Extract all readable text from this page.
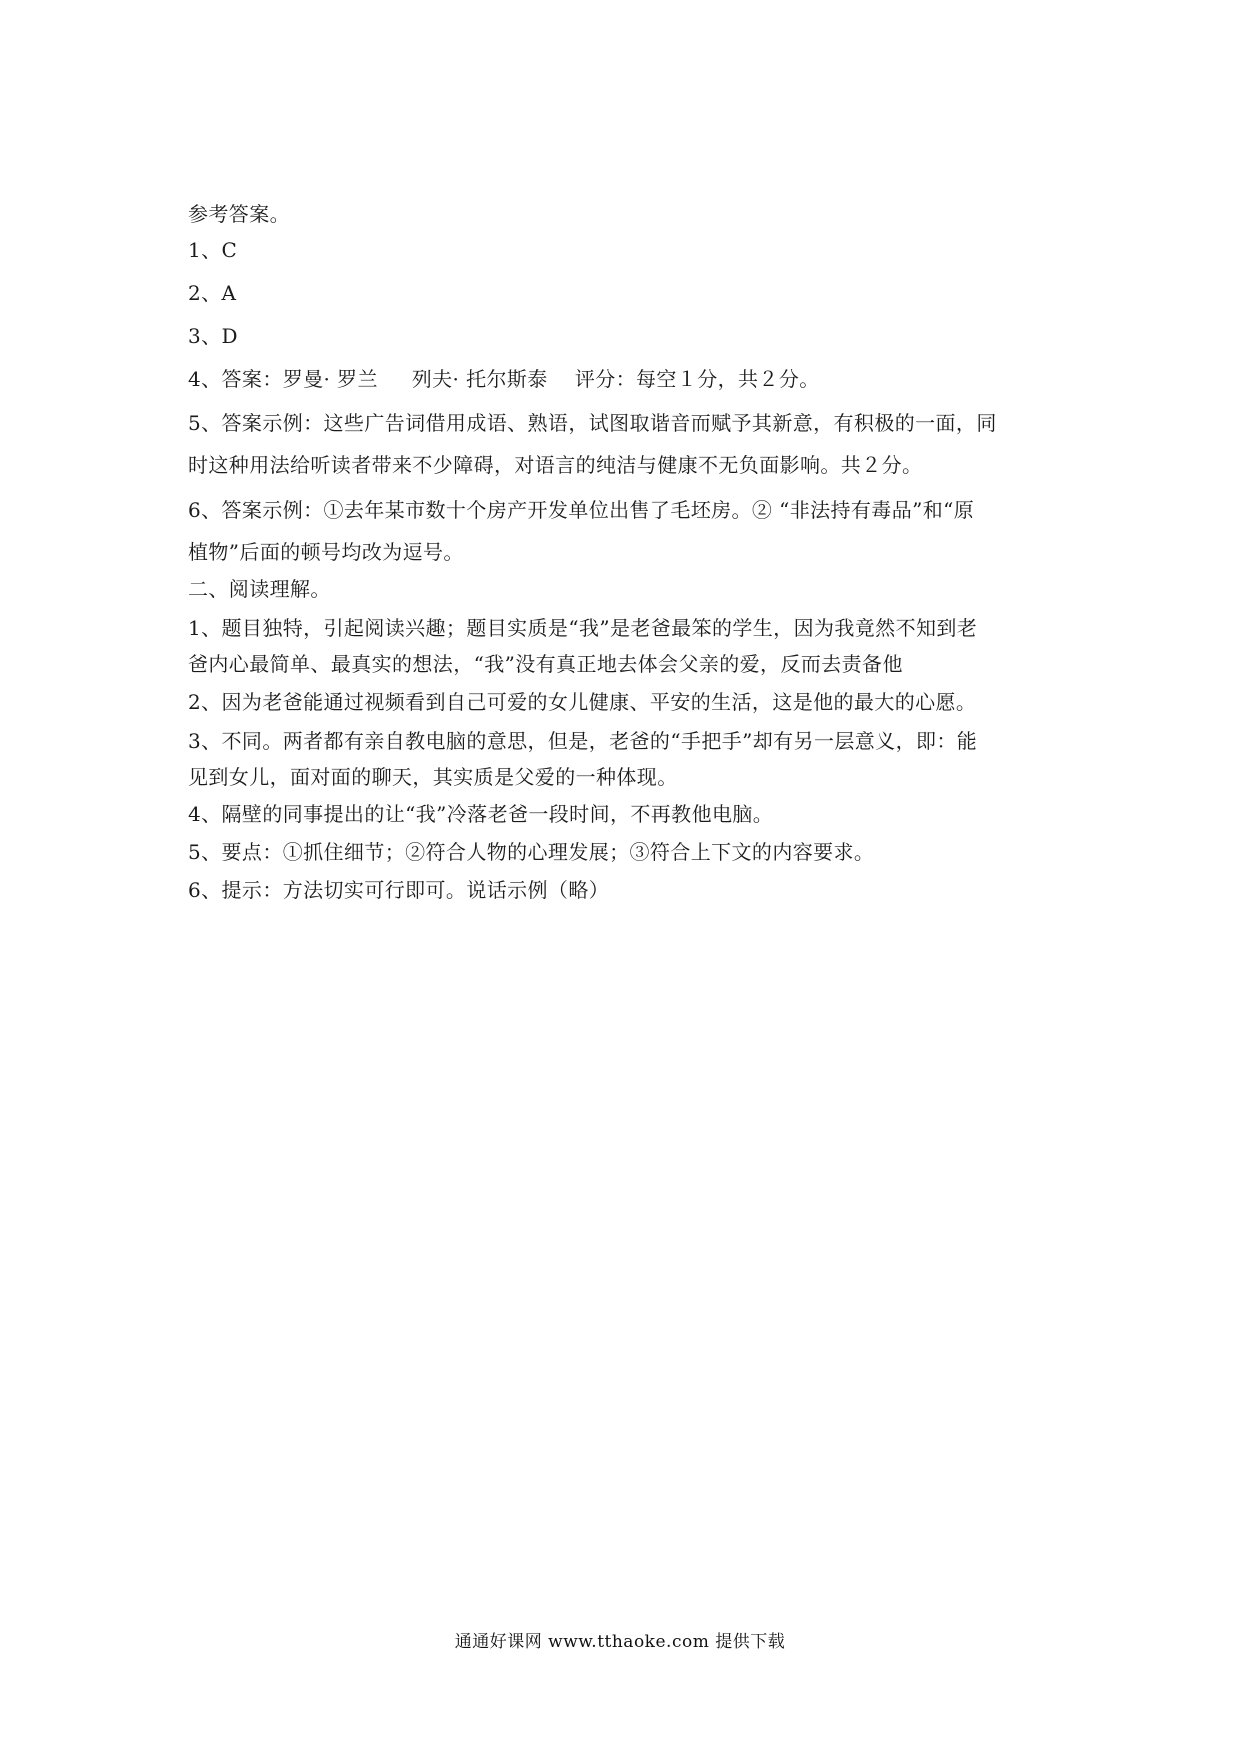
参考答案。
1、C
2、A
3、D
4、答案：罗曼· 罗兰 　 列夫· 托尔斯泰 　评分：每空１分，共２分。
5、答案示例：这些广告词借用成语、熟语，试图取谐音而赋予其新意，有积极的一面，同
时这种用法给听读者带来不少障碍，对语言的纯洁与健康不无负面影响。共２分。
6、答案示例：①去年某市数十个房产开发单位出售了毛坯房。② “非法持有毒品”和“原
植物”后面的顿号均改为逗号。
二、阅读理解。
1、题目独特，引起阅读兴趣；题目实质是“我”是老爸最笨的学生，因为我竟然不知到老
爸内心最简单、最真实的想法，“我”没有真正地去体会父亲的爱，反而去责备他
2、因为老爸能通过视频看到自己可爱的女儿健康、平安的生活，这是他的最大的心愿。
3、不同。两者都有亲自教电脑的意思，但是，老爸的“手把手”却有另一层意义，即：能
见到女儿，面对面的聊天，其实质是父爱的一种体现。
4、隔壁的同事提出的让“我”冷落老爸一段时间，不再教他电脑。
5、要点：①抓住细节；②符合人物的心理发展；③符合上下文的内容要求。
6、提示：方法切实可行即可。说话示例（略）
通通好课网 www.tthaoke.com 提供下载
